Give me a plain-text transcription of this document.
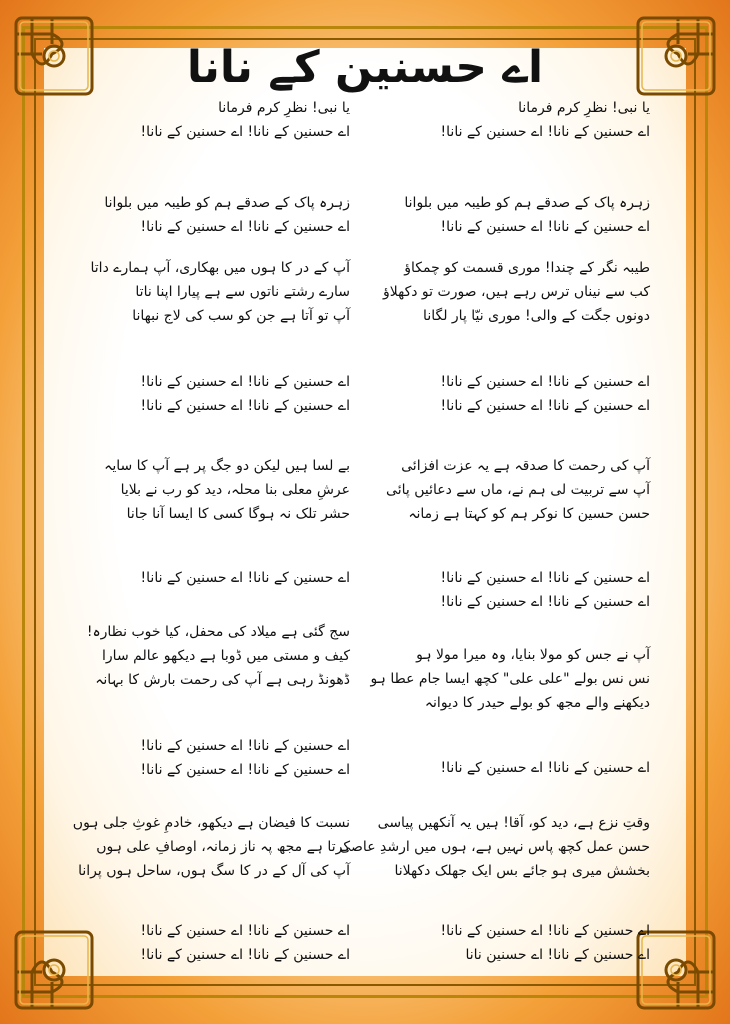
اے حسنین کے نانا
یا نبی! نظرِ کرم فرمانا
اے حسنین کے نانا! اے حسنین کے نانا!
زہرہ پاک کے صدقے ہم کو طیبہ میں بلوانا
اے حسنین کے نانا! اے حسنین کے نانا!
طیبہ نگر کے چندا! موری قسمت کو چمکاؤ
کب سے نیناں ترس رہے ہیں، صورت تو دکھلاؤ
دونوں جگت کے والی! موری نیّا پار لگانا
اے حسنین کے نانا! اے حسنین کے نانا!
اے حسنین کے نانا! اے حسنین کے نانا!
آپ کی رحمت کا صدقہ ہے یہ عزت افزائی
آپ سے تربیت لی ہم نے، ماں سے دعائیں پائی
حسن حسین کا نوکر ہم کو کہتا ہے زمانہ
اے حسنین کے نانا! اے حسنین کے نانا!
اے حسنین کے نانا! اے حسنین کے نانا!
آپ نے جس کو مولا بنایا، وہ میرا مولا ہو
نس نس بولے "علی علی" کچھ ایسا جام عطا ہو
دیکھنے والے مجھ کو بولے حیدر کا دیوانہ
اے حسنین کے نانا! اے حسنین کے نانا!
وقتِ نزع ہے، دید کو، آقا! ہیں یہ آنکھیں پیاسی
حسن عمل کچھ پاس نہیں ہے، ہوں میں ارشدِ عاصی
بخشش میری ہو جائے بس ایک جھلک دکھلانا
اے حسنین کے نانا! اے حسنین کے نانا!
اے حسنین کے نانا! اے حسنین نانا
یا نبی! نظرِ کرم فرمانا
اے حسنین کے نانا! اے حسنین کے نانا!
زہرہ پاک کے صدقے ہم کو طیبہ میں بلوانا
اے حسنین کے نانا! اے حسنین کے نانا!
آپ کے در کا ہوں میں بھکاری، آپ ہمارے داتا
سارے رشتے ناتوں سے ہے پیارا اپنا ناتا
آپ تو آتا ہے جن کو سب کی لاج نبھانا
اے حسنین کے نانا! اے حسنین کے نانا!
اے حسنین کے نانا! اے حسنین کے نانا!
بے لسا ہیں لیکن دو جگ پر ہے آپ کا سایہ
عرشِ معلی بنا محلہ، دید کو رب نے بلایا
حشر تلک نہ ہوگا کسی کا ایسا آنا جانا
اے حسنین کے نانا! اے حسنین کے نانا!
سج گئی ہے میلاد کی محفل، کیا خوب نظارہ!
کیف و مستی میں ڈوبا ہے دیکھو عالم سارا
ڈھونڈ رہی ہے آپ کی رحمت بارش کا بہانہ
اے حسنین کے نانا! اے حسنین کے نانا!
اے حسنین کے نانا! اے حسنین کے نانا!
نسبت کا فیضان ہے دیکھو، خادمِ غوثِ جلی ہوں
کرتا ہے مجھ پہ ناز زمانہ، اوصافِ علی ہوں
آپ کی آل کے در کا سگ ہوں، ساحل ہوں پرانا
اے حسنین کے نانا! اے حسنین کے نانا!
اے حسنین کے نانا! اے حسنین کے نانا!
